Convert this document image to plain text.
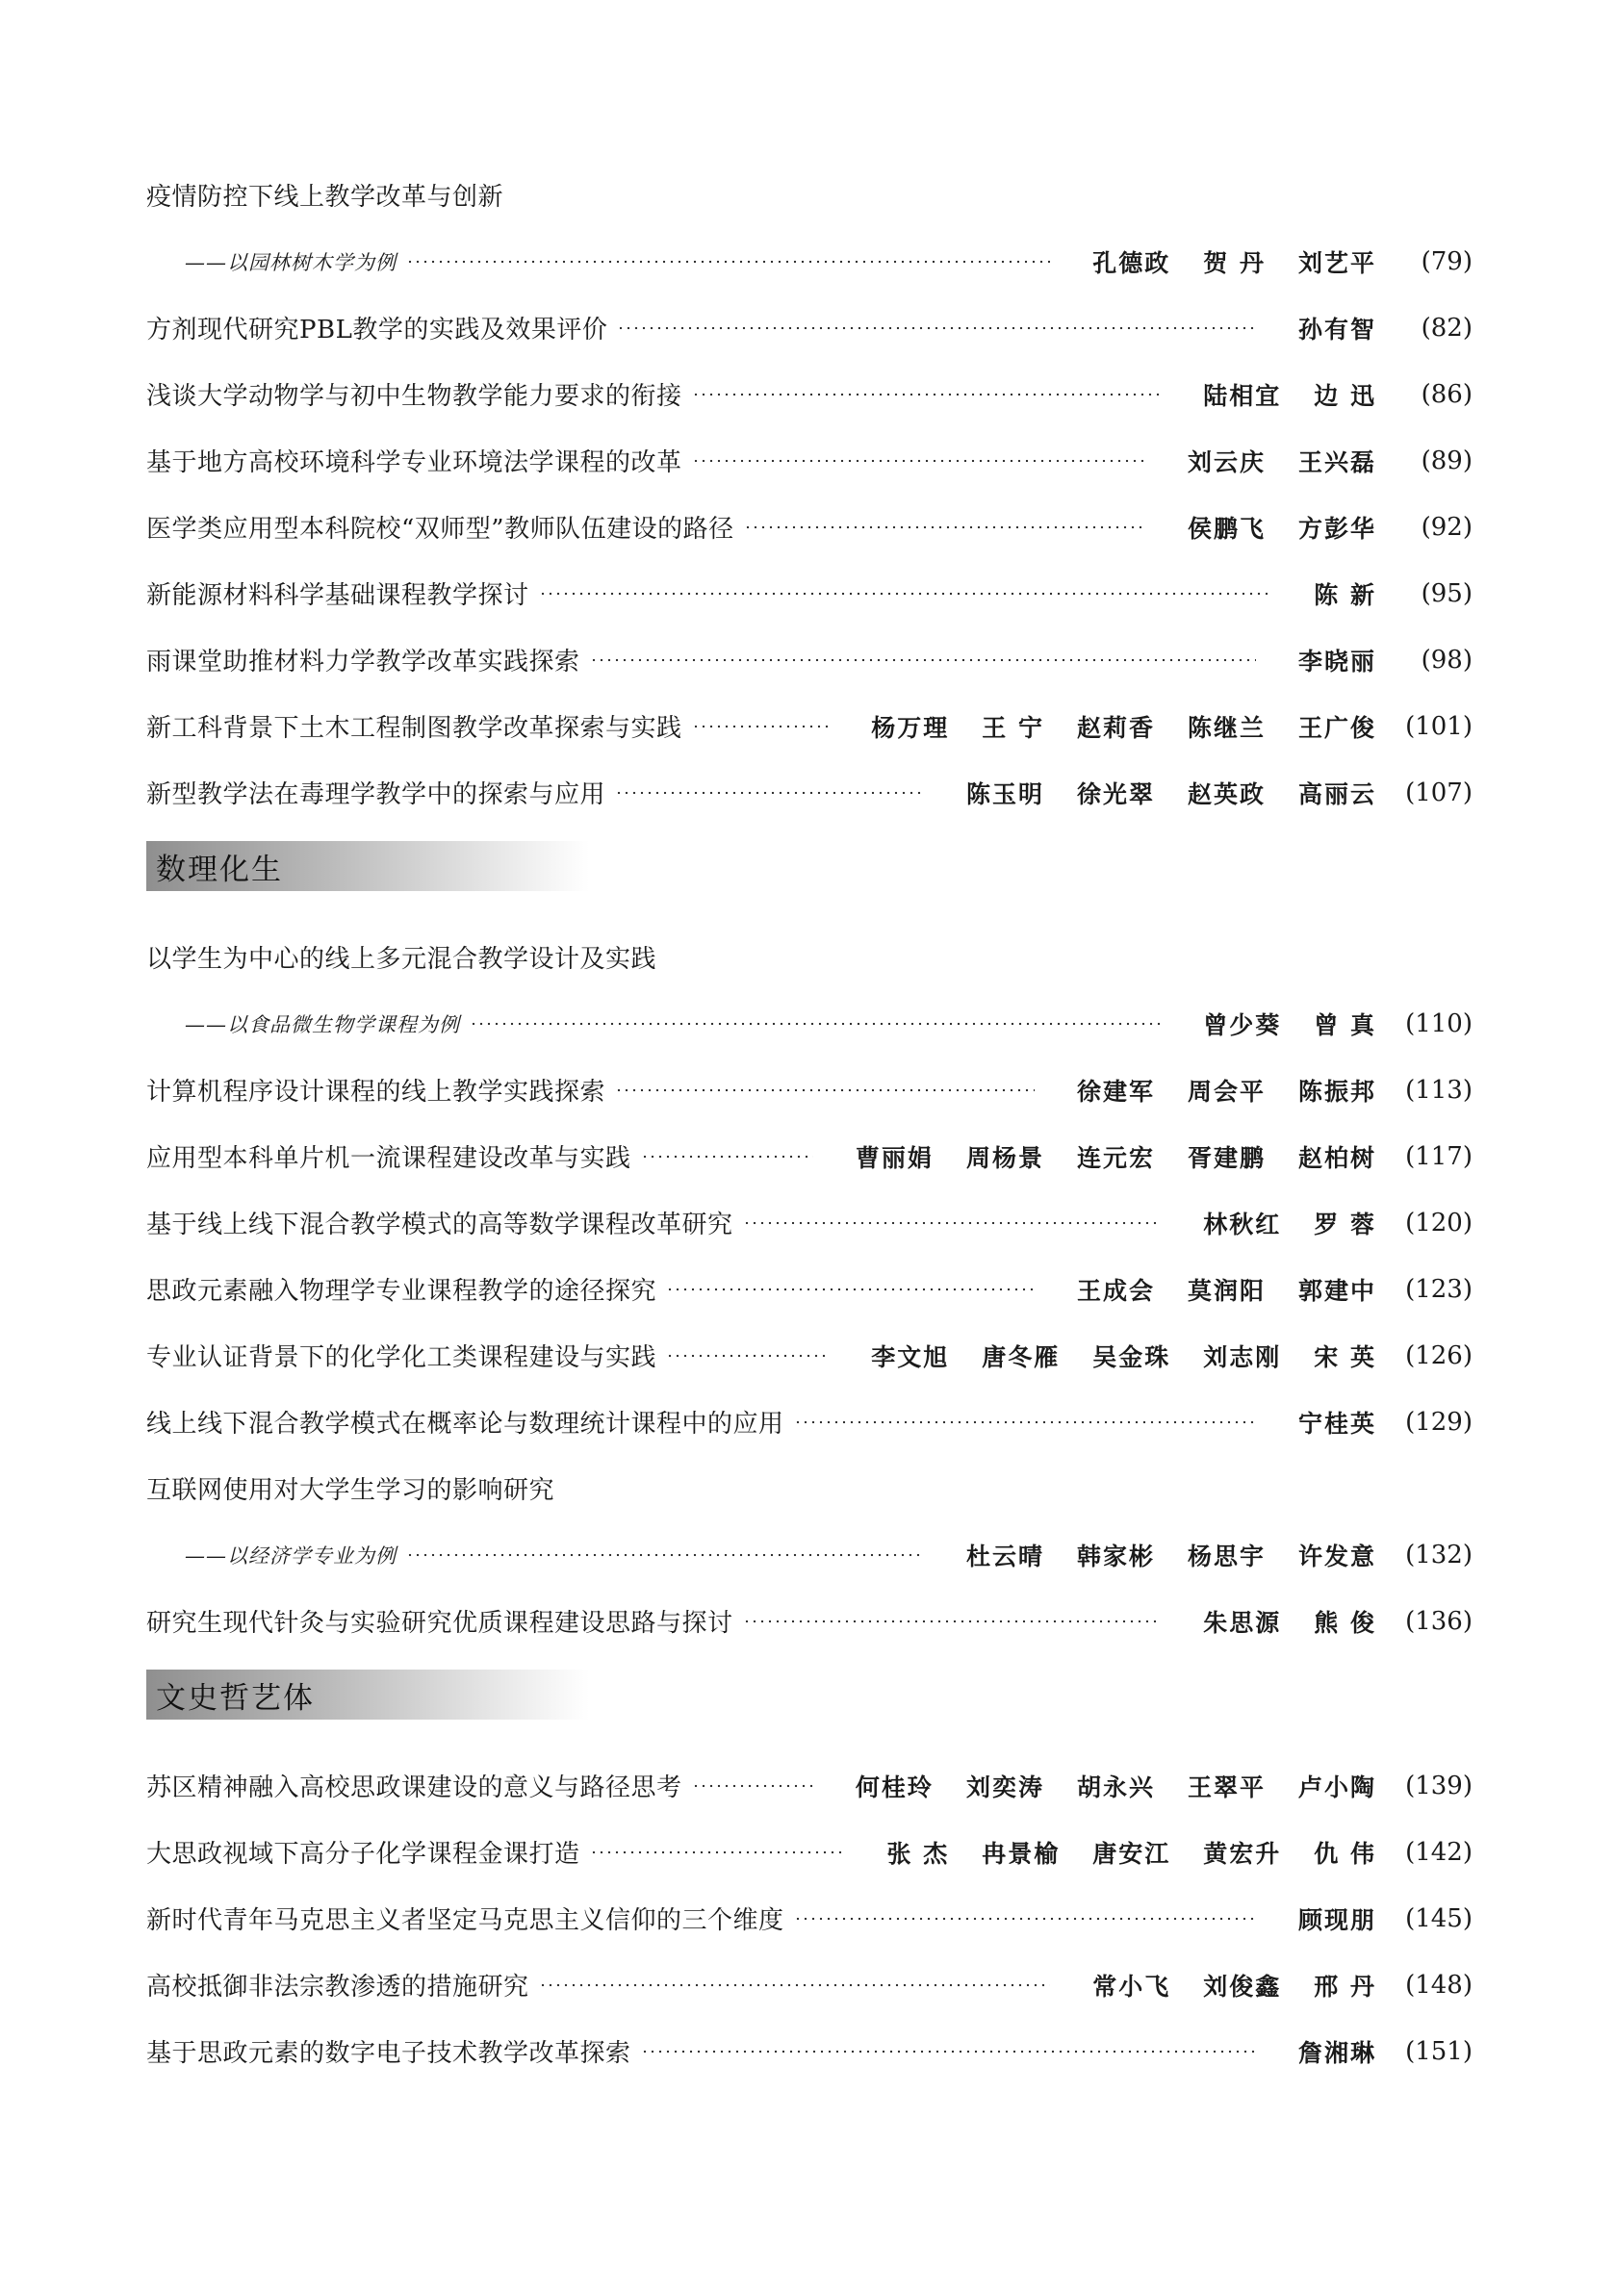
疫情防控下线上教学改革与创新
——以园林树木学为例	孔德政 贺 丹 刘艺平	(79)
方剂现代研究PBL教学的实践及效果评价	孙有智	(82)
浅谈大学动物学与初中生物教学能力要求的衔接	陆相宜 边 迅	(86)
基于地方高校环境科学专业环境法学课程的改革	刘云庆 王兴磊	(89)
医学类应用型本科院校“双师型”教师队伍建设的路径	侯鹏飞 方彭华	(92)
新能源材料科学基础课程教学探讨	陈 新	(95)
雨课堂助推材料力学教学改革实践探索	李晓丽	(98)
新工科背景下土木工程制图教学改革探索与实践	杨万理 王 宁 赵莉香 陈继兰 王广俊	(101)
新型教学法在毒理学教学中的探索与应用	陈玉明 徐光翠 赵英政 高丽云	(107)
数理化生
以学生为中心的线上多元混合教学设计及实践
——以食品微生物学课程为例	曾少葵 曾 真	(110)
计算机程序设计课程的线上教学实践探索	徐建军 周会平 陈振邦	(113)
应用型本科单片机一流课程建设改革与实践	曹丽娟 周杨景 连元宏 胥建鹏 赵柏树	(117)
基于线上线下混合教学模式的高等数学课程改革研究	林秋红 罗 蓉	(120)
思政元素融入物理学专业课程教学的途径探究	王成会 莫润阳 郭建中	(123)
专业认证背景下的化学化工类课程建设与实践	李文旭 唐冬雁 吴金珠 刘志刚 宋 英	(126)
线上线下混合教学模式在概率论与数理统计课程中的应用	宁桂英	(129)
互联网使用对大学生学习的影响研究
——以经济学专业为例	杜云晴 韩家彬 杨思宇 许发意	(132)
研究生现代针灸与实验研究优质课程建设思路与探讨	朱思源 熊 俊	(136)
文史哲艺体
苏区精神融入高校思政课建设的意义与路径思考	何桂玲 刘奕涛 胡永兴 王翠平 卢小陶	(139)
大思政视域下高分子化学课程金课打造	张 杰 冉景榆 唐安江 黄宏升 仇 伟	(142)
新时代青年马克思主义者坚定马克思主义信仰的三个维度	顾现朋	(145)
高校抵御非法宗教渗透的措施研究	常小飞 刘俊鑫 邢 丹	(148)
基于思政元素的数字电子技术教学改革探索	詹湘琳	(151)
